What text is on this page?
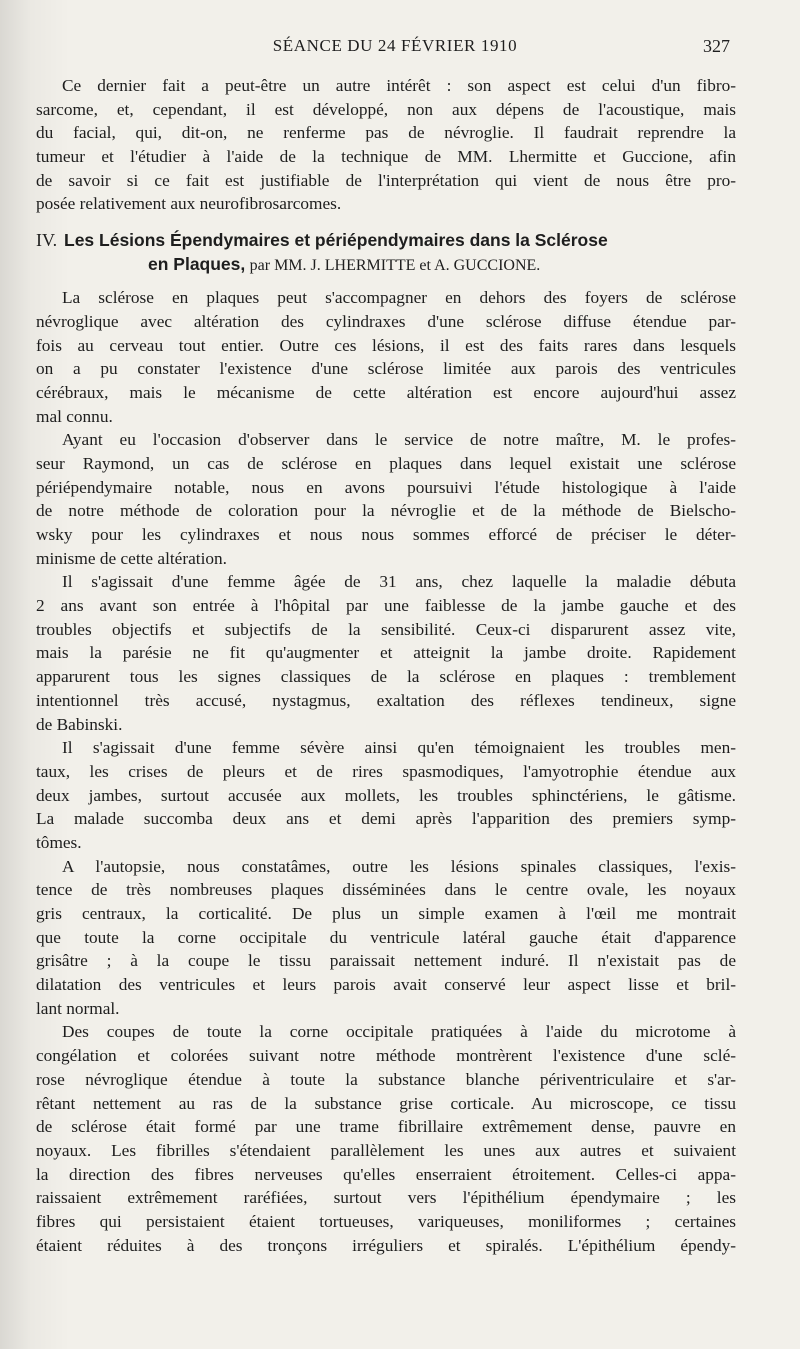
SÉANCE DU 24 FÉVRIER 1910	327
Ce dernier fait a peut-être un autre intérêt : son aspect est celui d'un fibro-
sarcome, et, cependant, il est développé, non aux dépens de l'acoustique, mais
du facial, qui, dit-on, ne renferme pas de névroglie. Il faudrait reprendre la
tumeur et l'étudier à l'aide de la technique de MM. Lhermitte et Guccione, afin
de savoir si ce fait est justifiable de l'interprétation qui vient de nous être pro-
posée relativement aux neurofibrosarcomes.
IV. Les Lésions Épendymaires et périépendymaires dans la Sclérose
en Plaques, par MM. J. LHERMITTE et A. GUCCIONE.
La sclérose en plaques peut s'accompagner en dehors des foyers de sclérose
névroglique avec altération des cylindraxes d'une sclérose diffuse étendue par-
fois au cerveau tout entier. Outre ces lésions, il est des faits rares dans lesquels
on a pu constater l'existence d'une sclérose limitée aux parois des ventricules
cérébraux, mais le mécanisme de cette altération est encore aujourd'hui assez
mal connu.
Ayant eu l'occasion d'observer dans le service de notre maître, M. le profes-
seur Raymond, un cas de sclérose en plaques dans lequel existait une sclérose
périépendymaire notable, nous en avons poursuivi l'étude histologique à l'aide
de notre méthode de coloration pour la névroglie et de la méthode de Bielscho-
wsky pour les cylindraxes et nous nous sommes efforcé de préciser le déter-
minisme de cette altération.
Il s'agissait d'une femme âgée de 31 ans, chez laquelle la maladie débuta
2 ans avant son entrée à l'hôpital par une faiblesse de la jambe gauche et des
troubles objectifs et subjectifs de la sensibilité. Ceux-ci disparurent assez vite,
mais la parésie ne fit qu'augmenter et atteignit la jambe droite. Rapidement
apparurent tous les signes classiques de la sclérose en plaques : tremblement
intentionnel très accusé, nystagmus, exaltation des réflexes tendineux, signe
de Babinski.
Il s'agissait d'une femme sévère ainsi qu'en témoignaient les troubles men-
taux, les crises de pleurs et de rires spasmodiques, l'amyotrophie étendue aux
deux jambes, surtout accusée aux mollets, les troubles sphinctériens, le gâtisme.
La malade succomba deux ans et demi après l'apparition des premiers symp-
tômes.
A l'autopsie, nous constatâmes, outre les lésions spinales classiques, l'exis-
tence de très nombreuses plaques disséminées dans le centre ovale, les noyaux
gris centraux, la corticalité. De plus un simple examen à l'œil me montrait
que toute la corne occipitale du ventricule latéral gauche était d'apparence
grisâtre ; à la coupe le tissu paraissait nettement induré. Il n'existait pas de
dilatation des ventricules et leurs parois avait conservé leur aspect lisse et bril-
lant normal.
Des coupes de toute la corne occipitale pratiquées à l'aide du microtome à
congélation et colorées suivant notre méthode montrèrent l'existence d'une sclé-
rose névroglique étendue à toute la substance blanche périventriculaire et s'ar-
rêtant nettement au ras de la substance grise corticale. Au microscope, ce tissu
de sclérose était formé par une trame fibrillaire extrêmement dense, pauvre en
noyaux. Les fibrilles s'étendaient parallèlement les unes aux autres et suivaient
la direction des fibres nerveuses qu'elles enserraient étroitement. Celles-ci appa-
raissaient extrêmement raréfiées, surtout vers l'épithélium épendymaire ; les
fibres qui persistaient étaient tortueuses, variqueuses, moniliformes ; certaines
étaient réduites à des tronçons irréguliers et spiralés. L'épithélium épendy-
